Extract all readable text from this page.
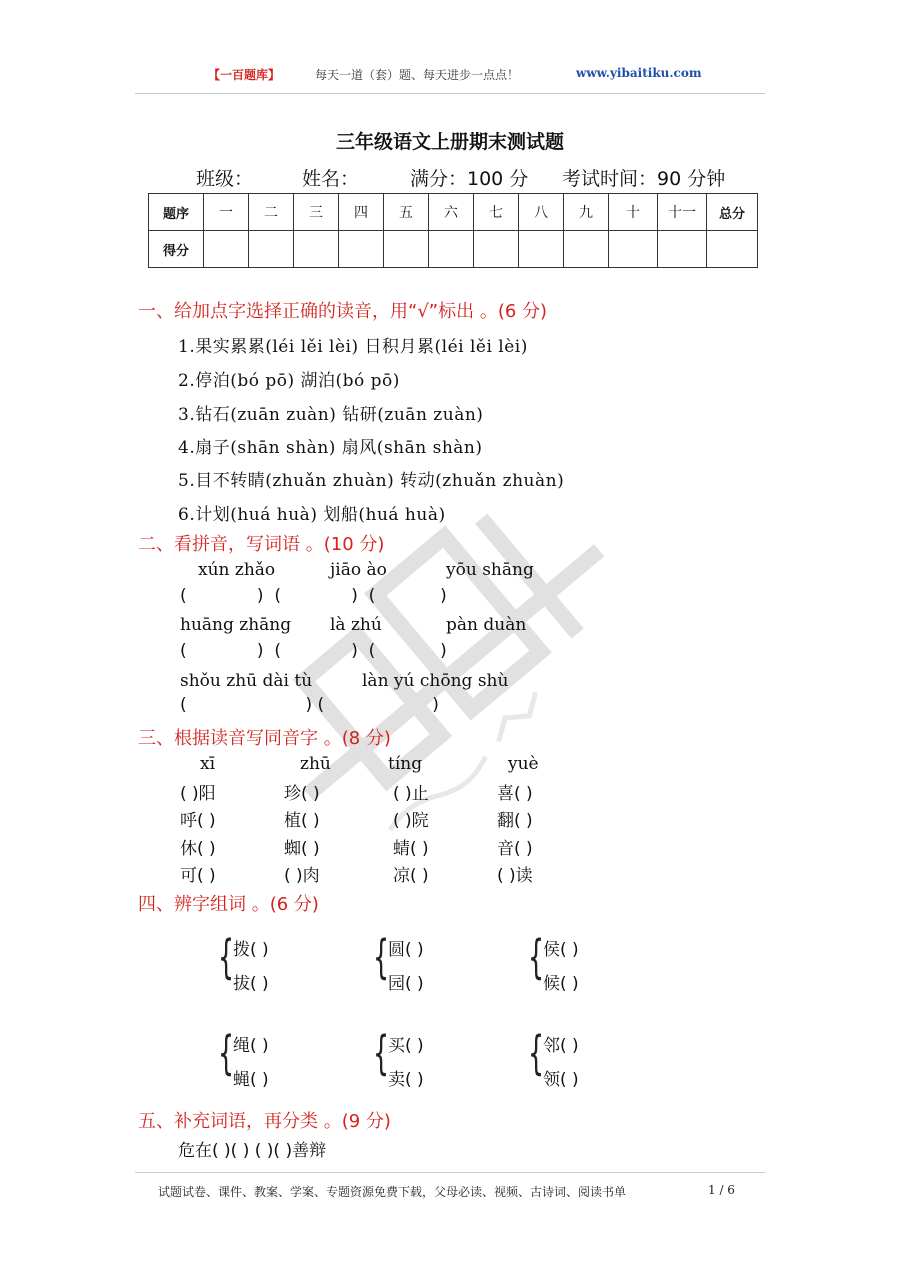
【一百题库】	每天一道（套）题、每天进步一点点！	www.yibaitiku.com
三年级语文上册期末测试题
班级：	姓名：	满分：100 分 考试时间：90 分钟
题序	一	二	三	四	五	六	七	八	九	十	十一	总分
得分												
一、给加点字选择正确的读音，用“√”标出 。(6 分)
1.果实累累(léi lěi lèi) 日积月累(léi lěi lèi)
2.停泊(bó pō) 湖泊(bó pō)
3.钻石(zuān zuàn) 钻研(zuān zuàn)
4.扇子(shān shàn) 扇风(shān shàn)
5.目不转睛(zhuǎn zhuàn) 转动(zhuǎn zhuàn)
6.计划(huá huà) 划船(huá huà)
二、看拼音，写词语 。(10 分)
xún zhǎo	jiāo ào	yōu shāng
(             )  (             )  (            )
huāng zhāng là zhú	pàn duàn
(             )  (             )  (            )
shǒu zhū dài tù	làn yú chōng shù
(                      ) (                    )
三、根据读音写同音字 。(8 分)
xī	zhū	tíng	yuè
( )阳	珍( )	( )止	喜( )
呼( )	植( )	( )院	翻( )
休( )	蜘( )	蜻( )	音( )
可( )	( )肉	凉( )	( )读
四、辨字组词 。(6 分)
{
拨( )
拔( ) {
圆( )
园( ) {
侯( )
候( )
{
绳( )
蝇( ) {
买( )
卖( ) {
邻( )
领( )
五、补充词语，再分类 。(9 分)
危在( )( ) ( )( )善辩
试题试卷、课件、教案、学案、专题资源免费下载，父母必读、视频、古诗词、阅读书单	1 / 6
